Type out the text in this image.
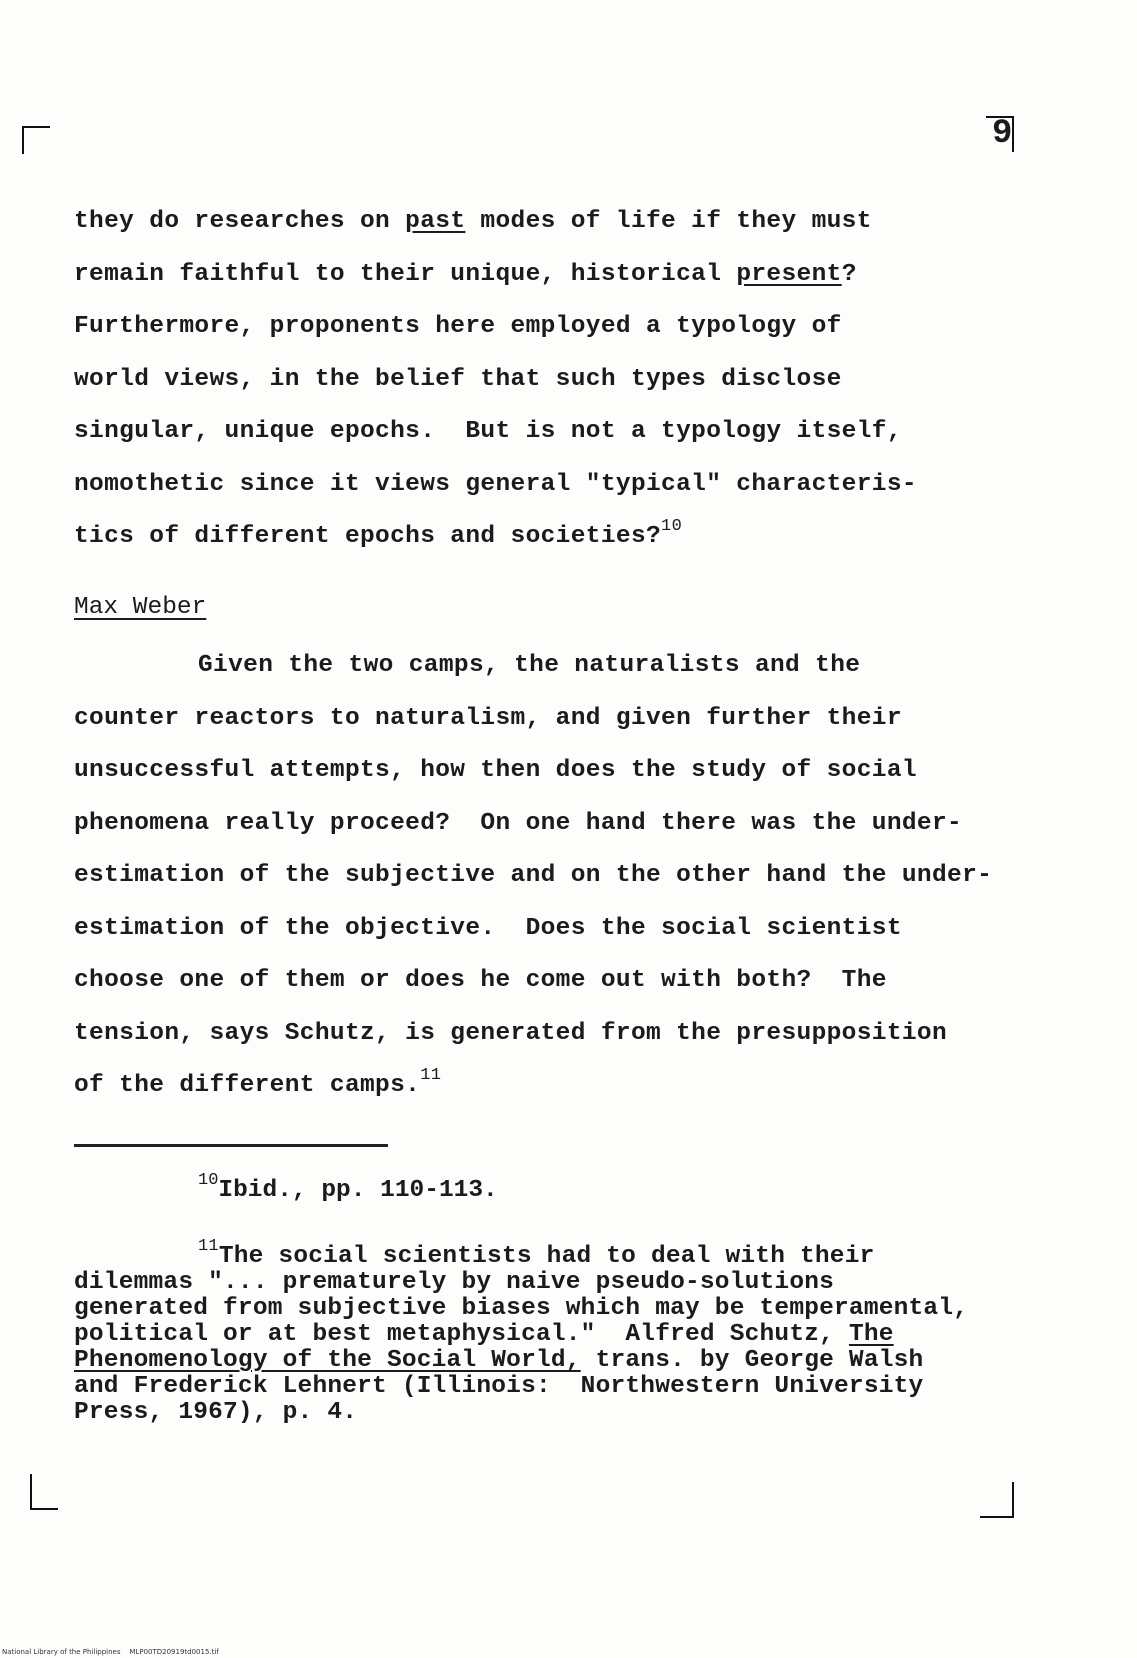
9
they do researches on past modes of life if they must
remain faithful to their unique, historical present?
Furthermore, proponents here employed a typology of
world views, in the belief that such types disclose
singular, unique epochs.  But is not a typology itself,
nomothetic since it views general "typical" characteris-
tics of different epochs and societies?$^{10}$
Max Weber
Given the two camps, the naturalists and the
counter reactors to naturalism, and given further their
unsuccessful attempts, how then does the study of social
phenomena really proceed?  On one hand there was the under-
estimation of the subjective and on the other hand the under-
estimation of the objective.  Does the social scientist
choose one of them or does he come out with both?  The
tension, says Schutz, is generated from the presupposition
of the different camps.$^{11}$
$^{10}$Ibid., pp. 110-113.
$^{11}$The social scientists had to deal with their
dilemmas "... prematurely by naive pseudo-solutions
generated from subjective biases which may be temperamental,
political or at best metaphysical."  Alfred Schutz, The
Phenomenology of the Social World, trans. by George Walsh
and Frederick Lehnert (Illinois:  Northwestern University
Press, 1967), p. 4.
National Library of the Philippines MLP00TD20919td0015.tif
